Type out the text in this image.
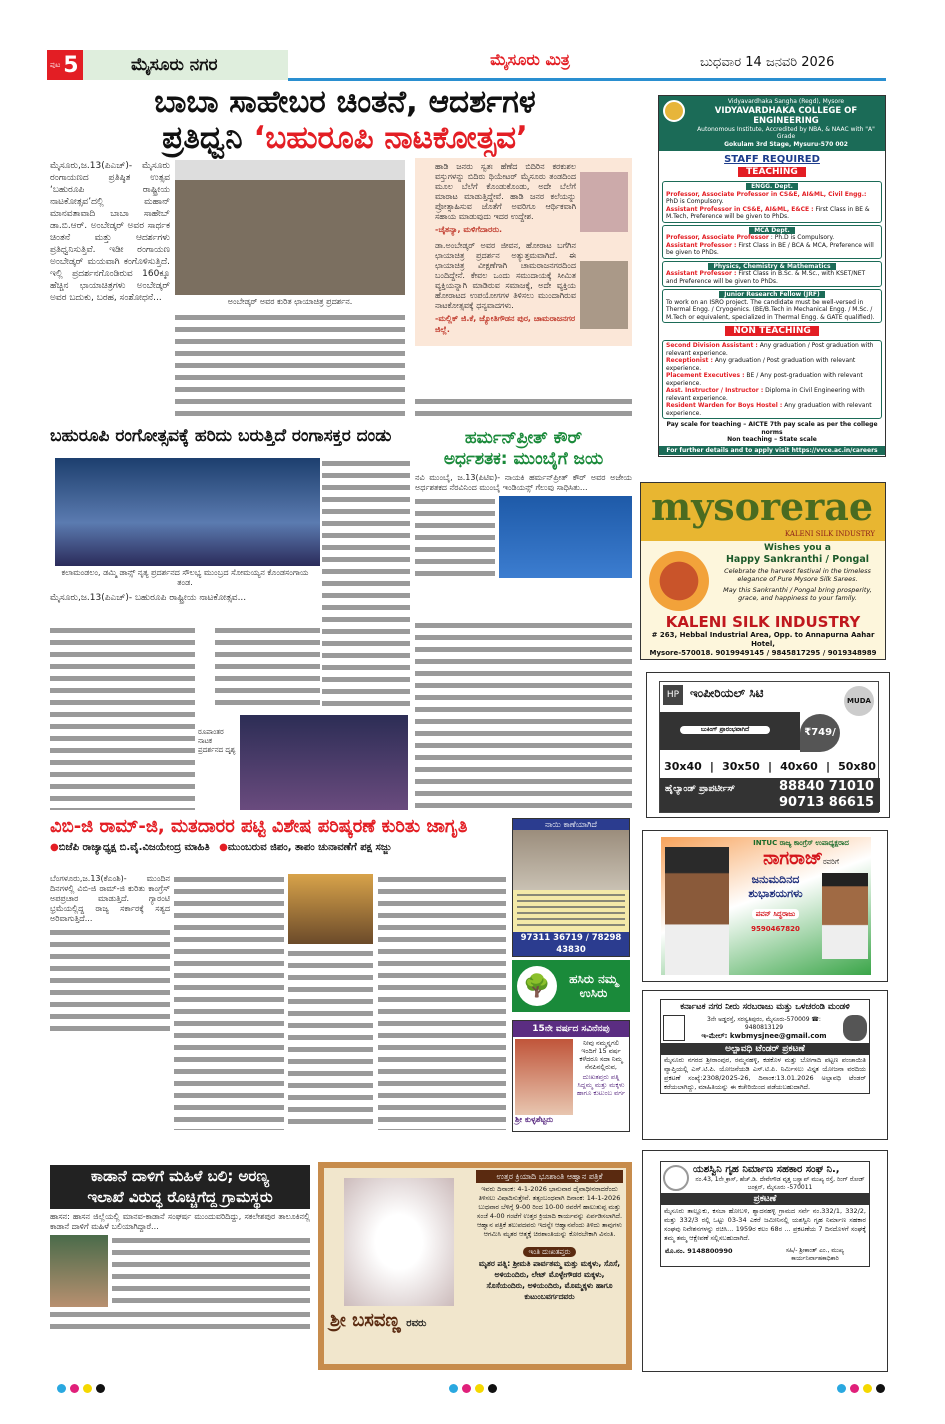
ಪುಟ 5	ಮೈಸೂರು ನಗರ	ಮೈಸೂರು ಮಿತ್ರ	ಬುಧವಾರ 14 ಜನವರಿ 2026
ಬಾಬಾ ಸಾಹೇಬರ ಚಿಂತನೆ, ಆದರ್ಶಗಳ
ಪ್ರತಿಧ್ವನಿ ‘ಬಹುರೂಪಿ ನಾಟಕೋತ್ಸವ’
ಮೈಸೂರು,ಜ.13(ಪಿಎಚ್)- ಮೈಸೂರು ರಂಗಾಯಣದ ಪ್ರತಿಷ್ಠಿತ ಉತ್ಸವ ‘ಬಹುರೂಪಿ ರಾಷ್ಟ್ರೀಯ ನಾಟಕೋತ್ಸವ’ದಲ್ಲಿ ಮಹಾನ್ ಮಾನವತಾವಾದಿ ಬಾಬಾ ಸಾಹೇಬ್ ಡಾ.ಬಿ.ಆರ್. ಅಂಬೇಡ್ಕರ್ ಅವರ ಸಾರ್ಥಕ ಚಿಂತನೆ ಮತ್ತು ಆದರ್ಶಗಳು ಪ್ರತಿಧ್ವನಿಸುತ್ತಿವೆ. ಇಡೀ ರಂಗಾಯಣ ಅಂಬೇಡ್ಕರ್ ಮಯವಾಗಿ ಕಂಗೊಳಿಸುತ್ತಿದೆ. ಇಲ್ಲಿ ಪ್ರದರ್ಶನಗೊಂಡಿರುವ 160ಕ್ಕೂ ಹೆಚ್ಚಿನ ಛಾಯಾಚಿತ್ರಗಳು ಅಂಬೇಡ್ಕರ್ ಅವರ ಬದುಕು, ಬರಹ, ಸಂಶೋಧನೆ...	ಅಂಬೇಡ್ಕರ್ ಅವರ ಕುರಿತ ಛಾಯಾಚಿತ್ರ ಪ್ರದರ್ಶನ.
ಹಾಡಿ ಜನರು ಸ್ವತಃ ಹೆಣೆದ ಬಿದಿರಿನ ಕರಕುಶಲ ವಸ್ತುಗಳನ್ನು ಬಿದಿರು ಥಿಯೇಟರ್ ಮೈಸೂರು ತಂಡದಿಂದ ಮೂಲ ಬೆಲೆಗೆ ಕೊಂಡುಕೊಂಡು, ಅದೇ ಬೆಲೆಗೆ ಮಾರಾಟ ಮಾಡುತ್ತಿದ್ದೇವೆ. ಹಾಡಿ ಜನರ ಕಲೆಯನ್ನು ಪ್ರೋತ್ಸಾಹಿಸುವ ಜೊತೆಗೆ ಅವರಿಗೂ ಆರ್ಥಿಕವಾಗಿ ಸಹಾಯ ಮಾಡುವುದು ಇದರ ಉದ್ದೇಶ.
-ಚೈತನ್ಯಾ, ಮಳಿಗೆದಾರರು.
ಡಾ.ಅಂಬೇಡ್ಕರ್ ಅವರ ಜೀವನ, ಹೋರಾಟ ಬಗೆಗಿನ ಛಾಯಾಚಿತ್ರ ಪ್ರದರ್ಶನ ಅತ್ಯುತ್ತಮವಾಗಿದೆ. ಈ ಛಾಯಾಚಿತ್ರ ವೀಕ್ಷಣೆಗಾಗಿ ಚಾಮರಾಜನಗರದಿಂದ ಬಂದಿದ್ದೇನೆ. ಕೇವಲ ಒಂದು ಸಮುದಾಯಕ್ಕೆ ಸೀಮಿತ ವ್ಯಕ್ತಿಯನ್ನಾಗಿ ಮಾಡಿರುವ ಸಮಾಜಕ್ಕೆ, ಅದೇ ವ್ಯಕ್ತಿಯ ಹೋರಾಟದ ಉಪಯೋಗಗಳ ತಿಳಿಸಲು ಮುಂದಾಗಿರುವ ನಾಟಕೋತ್ಸವಕ್ಕೆ ಧನ್ಯವಾದಗಳು.
-ಮಲ್ಲಿಕ್ ಜಿ.ಕೆ, ಜ್ಯೋತಿಗೌಡನ ಪುರ, ಚಾಮರಾಜನಗರ ಜಿಲ್ಲೆ.
ಬಹುರೂಪಿ ರಂಗೋತ್ಸವಕ್ಕೆ ಹರಿದು ಬರುತ್ತಿದೆ ರಂಗಾಸಕ್ತರ ದಂಡು
ಕಲಾಮಂಡಲಂ, ಡಮ್ಮಿ ಡಾನ್ಸ್ ನೃತ್ಯ ಪ್ರದರ್ಶನದ ಸೌಲಭ್ಯ ಮುಂಬ್ರದ ಸೋಮಯ್ಯನ ಕೊಂಡಸಂಗಾಯ ತಂಡ.
ಮೈಸೂರು,ಜ.13(ಪಿಎಚ್)- ಬಹುರೂಪಿ ರಾಷ್ಟ್ರೀಯ ನಾಟಕೋತ್ಸವ...
ರೂಪಾಂತರ ನಾಟಕ ಪ್ರದರ್ಶನದ ದೃಶ್ಯ
ಹರ್ಮನ್‌ಪ್ರೀತ್ ಕೌರ್
ಅರ್ಧಶತಕ: ಮುಂಬೈಗೆ ಜಯ
ನವಿ ಮುಂಬೈ, ಜ.13(ಪಿಟಿಐ)- ನಾಯಕಿ ಹರ್ಮನ್‌ಪ್ರೀತ್ ಕೌರ್ ಅವರ ಅಜೇಯ ಅರ್ಧಶತಕದ ನೆರವಿನಿಂದ ಮುಂಬೈ ಇಂಡಿಯನ್ಸ್ ಗೆಲುವು ಸಾಧಿಸಿತು...
ವಿಬಿ-ಜಿ ರಾಮ್-ಜಿ, ಮತದಾರರ ಪಟ್ಟಿ ವಿಶೇಷ ಪರಿಷ್ಕರಣೆ ಕುರಿತು ಜಾಗೃತಿ
●ಬಿಜೆಪಿ ರಾಜ್ಯಾಧ್ಯಕ್ಷ ಬಿ.ವೈ.ವಿಜಯೇಂದ್ರ ಮಾಹಿತಿ ●ಮುಂಬರುವ ಜಿಪಂ, ತಾಪಂ ಚುನಾವಣೆಗೆ ಪಕ್ಷ ಸಜ್ಜು
ಬೆಂಗಳೂರು,ಜ.13(ಕೆಎಂಶಿ)- ಮುಂದಿನ ದಿನಗಳಲ್ಲಿ ವಿಬಿ-ಜಿ ರಾಮ್-ಜಿ ಕುರಿತು ಕಾಂಗ್ರೆಸ್ ಅಪಪ್ರಚಾರ ಮಾಡುತ್ತಿದೆ. ಗ್ಯಾರಂಟಿ ಭ್ರಮೆಯಲ್ಲಿದ್ದ ರಾಜ್ಯ ಸರ್ಕಾರಕ್ಕೆ ಸತ್ಯದ ಅರಿವಾಗುತ್ತಿದೆ...
ನಾಯಿ ಕಾಣೆಯಾಗಿದೆ
97311 36719 / 78298 43830
🌳	ಹಸಿರು ನಮ್ಮ ಉಸಿರು
15ನೇ ವರ್ಷದ ಸವಿನೆನಪು
ಶ್ರೀ ಕುಳ್ಳಶೆಟ್ಟರು
ನೀವು ನಮ್ಮನ್ನಗಲಿ ಇಂದಿಗೆ 15 ವರ್ಷ ಕಳೆದರೂ ಸದಾ ನಿಮ್ಮ ನೆನಪಿನಲ್ಲಿರುವ,
ದುಃಖತಪ್ತರು ಪತ್ನಿ ಸಿದ್ದಮ್ಮ ಮತ್ತು ಮಕ್ಕಳು ಹಾಗೂ ಕುಟುಂಬ ವರ್ಗ
ಕಾಡಾನೆ ದಾಳಿಗೆ ಮಹಿಳೆ ಬಲಿ; ಅರಣ್ಯ
ಇಲಾಖೆ ವಿರುದ್ಧ ರೊಚ್ಚಿಗೆದ್ದ ಗ್ರಾಮಸ್ಥರು
ಹಾಸನ: ಹಾಸನ ಜಿಲ್ಲೆಯಲ್ಲಿ ಮಾನವ-ಕಾಡಾನೆ ಸಂಘರ್ಷ ಮುಂದುವರಿದಿದ್ದು, ಸಕಲೇಶಪುರ ತಾಲೂಕಿನಲ್ಲಿ ಕಾಡಾನೆ ದಾಳಿಗೆ ಮಹಿಳೆ ಬಲಿಯಾಗಿದ್ದಾರೆ...
ಶ್ರೀ ಬಸವಣ್ಣ ರವರು
ಉತ್ತರ ಕ್ರಿಯಾದಿ ಭೂಶಾಂತಿ ಆಹ್ವಾನ ಪತ್ರಿಕೆ
ಇವರು ದಿನಾಂಕ: 4-1-2026 ಭಾನುವಾರ ದೈವಾಧೀನರಾದರೆಂದು ತಿಳಿಸಲು ವಿಷಾದಿಸುತ್ತೇವೆ. ತತ್ಸಂಬಂಧವಾಗಿ ದಿನಾಂಕ: 14-1-2026 ಬುಧವಾರ ಬೆಳಿಗ್ಗೆ 9-00 ರಿಂದ 10-00 ರವರೆಗೆ ಹಾಲುತುಪ್ಪ ಮತ್ತು ಸಂಜೆ 4-00 ಗಂಟೆಗೆ ಉತ್ತರ ಕ್ರಿಯಾದಿ ಕಾರ್ಯವನ್ನು ಏರ್ಪಡಿಸಲಾಗಿದೆ. ಆಹ್ವಾನ ಪತ್ರಿಕೆ ತಲುಪದವರು ಇದನ್ನೇ ಆಹ್ವಾನವೆಂದು ತಿಳಿದು ತಾವುಗಳು ಆಗಮಿಸಿ ಮೃತರ ಆತ್ಮಕ್ಕೆ ಚಿರಶಾಂತಿಯನ್ನು ಕೋರಬೇಕಾಗಿ ವಿನಂತಿ.
ಇಂತಿ ದುಃಖತಪ್ತರು
ಮೃತರ ಪತ್ನಿ: ಶ್ರೀಮತಿ ಪಾರ್ವತಮ್ಮ ಮತ್ತು ಮಕ್ಕಳು, ಸೊಸೆ, ಅಳಿಯಂದಿರು, ಲೇಟ್ ಮೊಳ್ಳೇಗೌಡರ ಮಕ್ಕಳು, ಸೊಸೆಯಂದಿರು, ಅಳಿಯಂದಿರು, ಮೊಮ್ಮಕ್ಕಳು ಹಾಗೂ ಕುಟುಂಬವರ್ಗದವರು
Vidyavardhaka Sangha (Regd), Mysore
VIDYAVARDHAKA COLLEGE OF ENGINEERING
Autonomous Institute, Accredited by NBA, & NAAC with "A" Grade
Gokulam 3rd Stage, Mysuru-570 002
STAFF REQUIRED
TEACHING
ENGG. Dept.
Professor, Associate Professor in CS&E, AI&ML, Civil Engg.: PhD is Compulsory.
Assistant Professor in CS&E, AI&ML, E&CE : First Class in BE & M.Tech, Preference will be given to PhDs.
MCA Dept.
Professor, Associate Professor : Ph.D is Compulsory.
Assistant Professor : First Class in BE / BCA & MCA, Preference will be given to PhDs.
Physics, Chemistry & Mathematics
Assistant Professor : First Class in B.Sc. & M.Sc., with KSET/NET and Preference will be given to PhDs.
Junior Research Fellow (JRF)
To work on an ISRO project. The candidate must be well-versed in Thermal Engg. / Cryogenics. (BE/B.Tech in Mechanical Engg. / M.Sc. / M.Tech or equivalent, specialized in Thermal Engg. & GATE qualified).
NON TEACHING
Second Division Assistant : Any graduation / Post graduation with relevant experience.
Receptionist : Any graduation / Post graduation with relevant experience.
Placement Executives : BE / Any post-graduation with relevant experience.
Asst. Instructor / Instructor : Diploma in Civil Engineering with relevant experience.
Resident Warden for Boys Hostel : Any graduation with relevant experience.
Pay scale for teaching – AICTE 7th pay scale as per the college norms
Non teaching – State scale
For further details and to apply visit https://vvce.ac.in/careers
mysorerae
KALENI SILK INDUSTRY
Wishes you a
Happy Sankranthi / Pongal
Celebrate the harvest festival in the timeless elegance of Pure Mysore Silk Sarees.
May this Sankranthi / Pongal bring prosperity, grace, and happiness to your family.
KALENI SILK INDUSTRY
# 263, Hebbal Industrial Area, Opp. to Annapurna Aahar Hotel,
Mysore-570018. 9019949145 / 9845817295 / 9019348989
HP ಇಂಪೀರಿಯಲ್ ಸಿಟಿ
MUDA
ಬುಕಿಂಗ್ ಪ್ರಾರಂಭವಾಗಿದೆ	₹749/
30x40 | 30x50 | 40x60 | 50x80
ಹೈಲ್ಯಾಂಡ್ ಪ್ರಾಪರ್ಟೀಸ್	88840 71010
90713 86615
INTUC ರಾಜ್ಯ ಕಾಂಗ್ರೆಸ್ ಉಪಾಧ್ಯಕ್ಷರಾದ
ನಾಗರಾಜ್ರವರಿಗೆ
ಜನುಮದಿನದ
ಶುಭಾಶಯಗಳು
ಪವನ್ ಸಿದ್ಧರಾಜು
9590467820
ಕರ್ನಾಟಕ ನಗರ ನೀರು ಸರಬರಾಜು ಮತ್ತು ಒಳಚರಂಡಿ ಮಂಡಳಿ
3ನೇ ಅಡ್ಡರಸ್ತೆ, ಸರಸ್ವತಿಪುರಂ, ಮೈಸೂರು-570009 ☎: 9480813129
ಇ-ಮೇಲ್: kwbmysjnee@gmail.com
ಅಲ್ಪಾವಧಿ ಟೆಂಡರ್ ಪ್ರಕಟಣೆ
ಮೈಸೂರು ನಗರದ ಶ್ರೀರಾಂಪುರ, ರಮ್ಮನಹಳ್ಳಿ, ಕಡಕೊಳ ಮತ್ತು ಬೋಗಾದಿ ಪಟ್ಟಣ ಪಂಚಾಯಿತಿ ವ್ಯಾಪ್ತಿಯಲ್ಲಿ ಎಸ್.ಟಿ.ಪಿ. ಯೋಜನೆಯಡಿ ಎಸ್.ಟಿ.ಪಿ. ನಿರ್ಮಿಸಲು ವಿಸ್ತೃತ ಯೋಜನಾ ವರದಿಯ ಪ್ರಕಟಣೆ ಸಂಖ್ಯೆ:2308/2025-26, ದಿನಾಂಕ:13.01.2026 ಅಲ್ಪಾವಧಿ ಟೆಂಡರ್ ಕರೆಯಲಾಗಿದ್ದು, ಮಾಹಿತಿಯನ್ನು ಈ ಕಚೇರಿಯಿಂದ ಪಡೆಯಬಹುದಾಗಿದೆ.
ಯಶಸ್ವಿನಿ ಗೃಹ ನಿರ್ಮಾಣ ಸಹಕಾರ ಸಂಘ ನಿ.,
ನಂ.43, 1ನೇ ಕ್ರಾಸ್, ಹೆಚ್.ಡಿ. ದೇವೇಗೌಡ ವೃತ್ತ ಬಸ್ಸ್ಟಾಪ್ ಮುಖ್ಯ ರಸ್ತೆ, ರಿಂಗ್ ರೋಡ್ ಜಂಕ್ಷನ್, ಮೈಸೂರು -570011
ಪ್ರಕಟಣೆ
ಮೈಸೂರು ತಾಲ್ಲೂಕು, ಕಸಬಾ ಹೋಬಳಿ, ಶ್ಯಾದನಹಳ್ಳಿ ಗ್ರಾಮದ ಸರ್ವೆ ನಂ.332/1, 332/2, ಮತ್ತು 332/3 ರಲ್ಲಿ ಒಟ್ಟು 03-34 ಎಕರೆ ಜಮೀನಿನಲ್ಲಿ ಯಶಸ್ವಿನಿ ಗೃಹ ನಿರ್ಮಾಣ ಸಹಕಾರ ಸಂಘವು ನಿವೇಶನಗಳನ್ನು ರಚಿಸಿ... 1959ರ ಕಲಂ 68ರ ... ಪ್ರಕಟಣೆಯ 7 ದಿನದೊಳಗೆ ಸಂಘಕ್ಕೆ ತಮ್ಮ ತಮ್ಮ ಆಕ್ಷೇಪಣೆ ಸಲ್ಲಿಸಬಹುದಾಗಿದೆ.
ಮೊ.ನಂ. 9148800990	ಸಹಿ/- ಶ್ರೀಕಾಂತ್ ಎಂ., ಮುಖ್ಯ ಕಾರ್ಯನಿರ್ವಾಹಕಾಧಿಕಾರಿ
